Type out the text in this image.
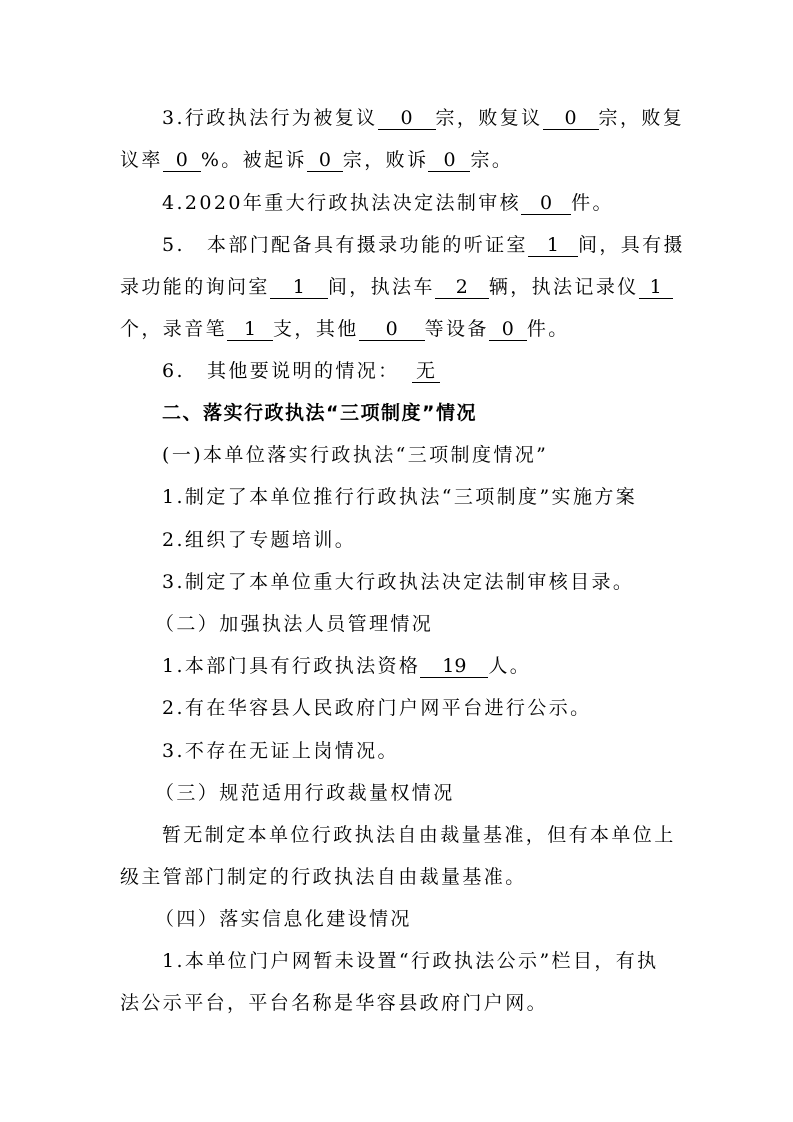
3.行政执法行为被复议 0 宗，败复议 0 宗，败复
议率 0 %。被起诉 0 宗，败诉 0 宗。
4.2020年重大行政执法决定法制审核 0 件。
5. 本部门配备具有摄录功能的听证室 1 间，具有摄
录功能的询问室 1 间，执法车 2 辆，执法记录仪 1
个，录音笔 1 支，其他 0 等设备 0 件。
6. 其他要说明的情况： 无
二、落实行政执法“三项制度”情况
(一)本单位落实行政执法“三项制度情况”
1.制定了本单位推行行政执法“三项制度”实施方案
2.组织了专题培训。
3.制定了本单位重大行政执法决定法制审核目录。
（二）加强执法人员管理情况
1.本部门具有行政执法资格 19 人。
2.有在华容县人民政府门户网平台进行公示。
3.不存在无证上岗情况。
（三）规范适用行政裁量权情况
暂无制定本单位行政执法自由裁量基准，但有本单位上
级主管部门制定的行政执法自由裁量基准。
（四）落实信息化建设情况
1.本单位门户网暂未设置“行政执法公示”栏目，有执
法公示平台，平台名称是华容县政府门户网。
